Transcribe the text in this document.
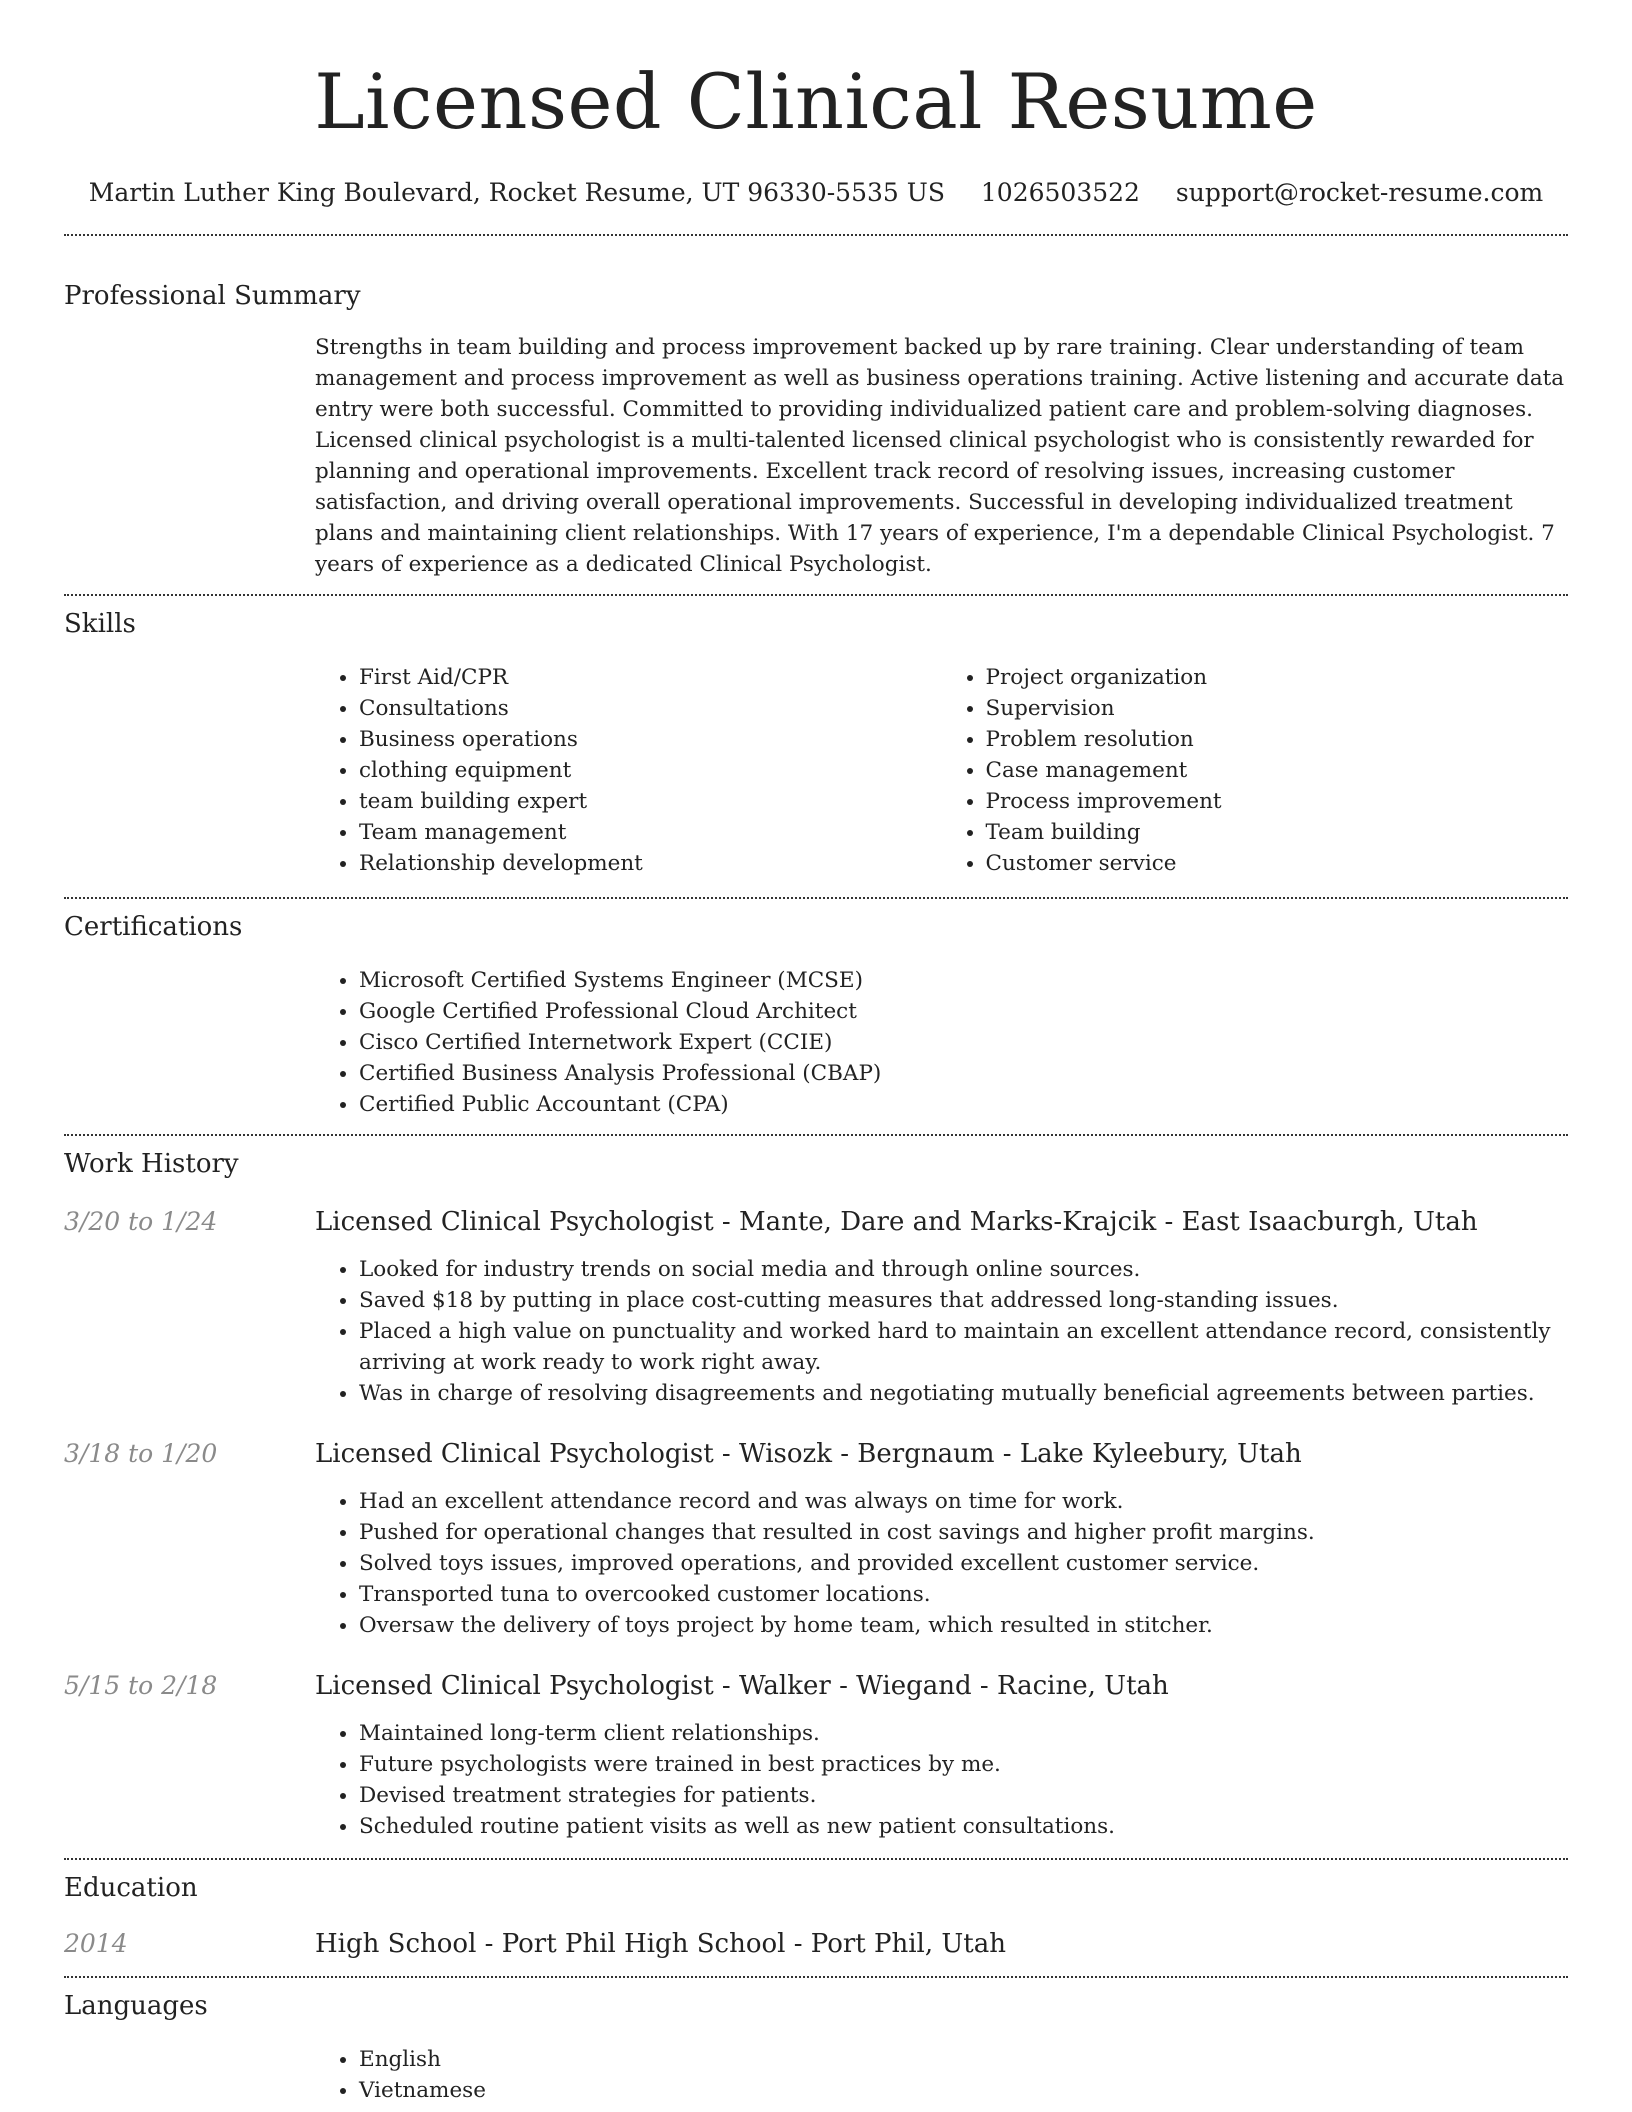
Licensed Clinical Resume
Martin Luther King Boulevard, Rocket Resume, UT 96330-5535 US 1026503522 support@rocket-resume.com
Professional Summary

Strengths in team building and process improvement backed up by rare training. Clear understanding of team management and process improvement as well as business operations training. Active listening and accurate data entry were both successful. Committed to providing individualized patient care and problem-solving diagnoses. Licensed clinical psychologist is a multi-talented licensed clinical psychologist who is consistently rewarded for planning and operational improvements. Excellent track record of resolving issues, increasing customer satisfaction, and driving overall operational improvements. Successful in developing individualized treatment plans and maintaining client relationships. With 17 years of experience, I'm a dependable Clinical Psychologist. 7 years of experience as a dedicated Clinical Psychologist.

Skills
• First Aid/CPR
• Consultations
• Business operations
• clothing equipment
• team building expert
• Team management
• Relationship development
• Project organization
• Supervision
• Problem resolution
• Case management
• Process improvement
• Team building
• Customer service
Certifications
• Microsoft Certified Systems Engineer (MCSE)
• Google Certified Professional Cloud Architect
• Cisco Certified Internetwork Expert (CCIE)
• Certified Business Analysis Professional (CBAP)
• Certified Public Accountant (CPA)
Work History
3/20 to 1/24	Licensed Clinical Psychologist - Mante, Dare and Marks-Krajcik - East Isaacburgh, Utah
• Looked for industry trends on social media and through online sources.
• Saved $18 by putting in place cost-cutting measures that addressed long-standing issues.
• Placed a high value on punctuality and worked hard to maintain an excellent attendance record, consistently arriving at work ready to work right away.
• Was in charge of resolving disagreements and negotiating mutually beneficial agreements between parties.
3/18 to 1/20	Licensed Clinical Psychologist - Wisozk - Bergnaum - Lake Kyleebury, Utah
• Had an excellent attendance record and was always on time for work.
• Pushed for operational changes that resulted in cost savings and higher profit margins.
• Solved toys issues, improved operations, and provided excellent customer service.
• Transported tuna to overcooked customer locations.
• Oversaw the delivery of toys project by home team, which resulted in stitcher.
5/15 to 2/18	Licensed Clinical Psychologist - Walker - Wiegand - Racine, Utah
• Maintained long-term client relationships.
• Future psychologists were trained in best practices by me.
• Devised treatment strategies for patients.
• Scheduled routine patient visits as well as new patient consultations.
Education
2014	High School - Port Phil High School - Port Phil, Utah
Languages
• English
• Vietnamese
